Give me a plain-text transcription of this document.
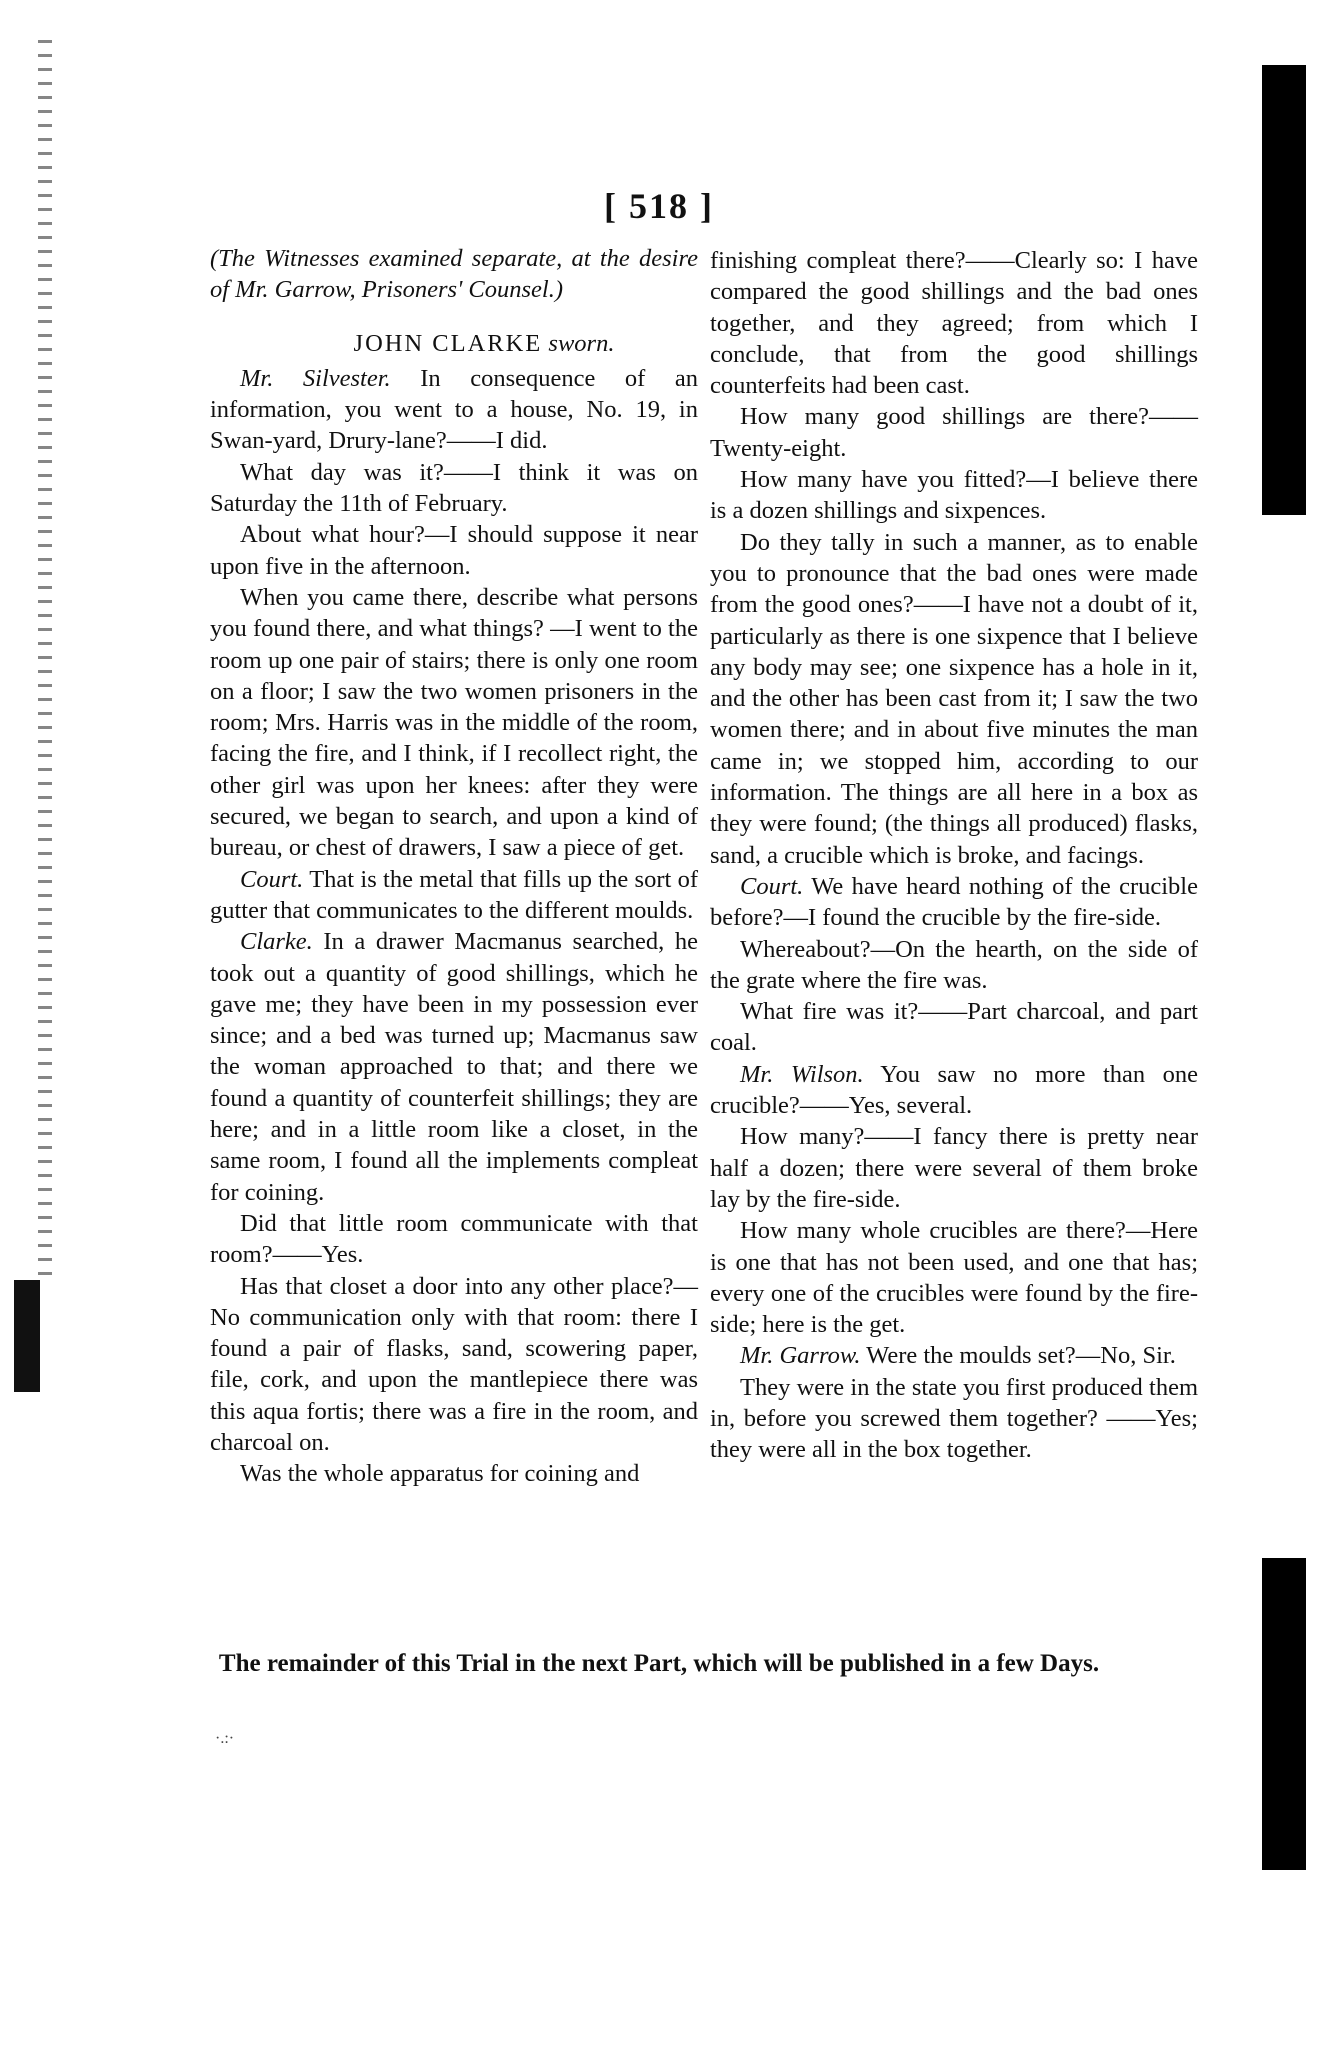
[ 518 ]

(The Witnesses examined separate, at the desire of Mr. Garrow, Prisoners' Counsel.)

JOHN CLARKE sworn.

Mr. Silvester. In consequence of an information, you went to a house, No. 19, in Swan-yard, Drury-lane?——I did.

What day was it?——I think it was on Saturday the 11th of February.

About what hour?—I should suppose it near upon five in the afternoon.

When you came there, describe what persons you found there, and what things? —I went to the room up one pair of stairs; there is only one room on a floor; I saw the two women prisoners in the room; Mrs. Harris was in the middle of the room, facing the fire, and I think, if I recollect right, the other girl was upon her knees: after they were secured, we began to search, and upon a kind of bureau, or chest of drawers, I saw a piece of get.

Court. That is the metal that fills up the sort of gutter that communicates to the different moulds.

Clarke. In a drawer Macmanus searched, he took out a quantity of good shillings, which he gave me; they have been in my possession ever since; and a bed was turned up; Macmanus saw the woman approached to that; and there we found a quantity of counterfeit shillings; they are here; and in a little room like a closet, in the same room, I found all the implements compleat for coining.

Did that little room communicate with that room?——Yes.

Has that closet a door into any other place?—No communication only with that room: there I found a pair of flasks, sand, scowering paper, file, cork, and upon the mantlepiece there was this aqua fortis; there was a fire in the room, and charcoal on.

Was the whole apparatus for coining and

finishing compleat there?——Clearly so: I have compared the good shillings and the bad ones together, and they agreed; from which I conclude, that from the good shillings counterfeits had been cast.

How many good shillings are there?——Twenty-eight.

How many have you fitted?—I believe there is a dozen shillings and sixpences.

Do they tally in such a manner, as to enable you to pronounce that the bad ones were made from the good ones?——I have not a doubt of it, particularly as there is one sixpence that I believe any body may see; one sixpence has a hole in it, and the other has been cast from it; I saw the two women there; and in about five minutes the man came in; we stopped him, according to our information. The things are all here in a box as they were found; (the things all produced) flasks, sand, a crucible which is broke, and facings.

Court. We have heard nothing of the crucible before?—I found the crucible by the fire-side.

Whereabout?—On the hearth, on the side of the grate where the fire was.

What fire was it?——Part charcoal, and part coal.

Mr. Wilson. You saw no more than one crucible?——Yes, several.

How many?——I fancy there is pretty near half a dozen; there were several of them broke lay by the fire-side.

How many whole crucibles are there?—Here is one that has not been used, and one that has; every one of the crucibles were found by the fire-side; here is the get.

Mr. Garrow. Were the moulds set?—No, Sir.

They were in the state you first produced them in, before you screwed them together? ——Yes; they were all in the box together.

The remainder of this Trial in the next Part, which will be published in a few Days.
·.:·
